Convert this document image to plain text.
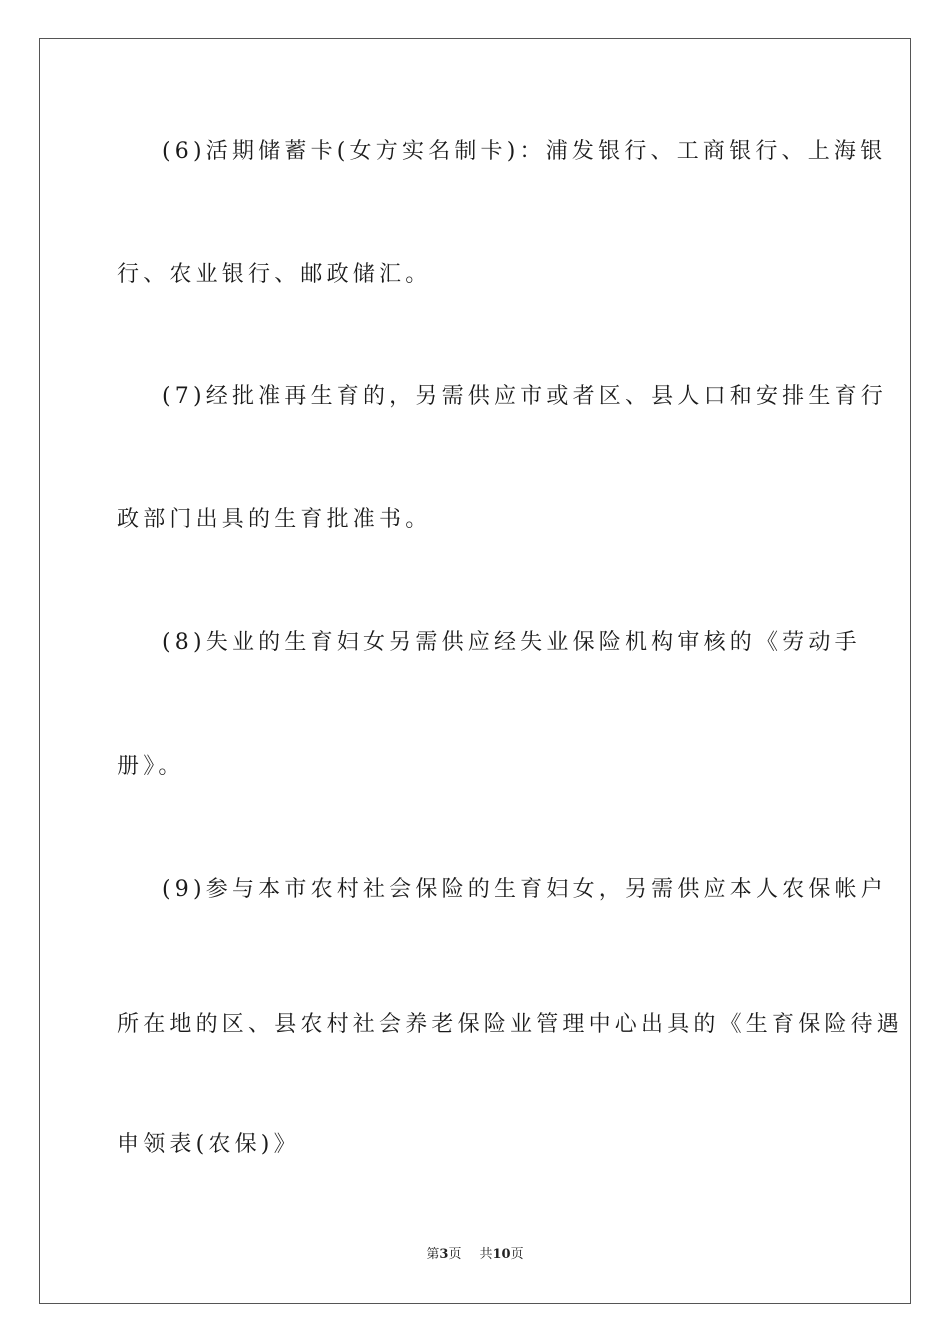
(6)活期储蓄卡(女方实名制卡)：浦发银行、工商银行、上海银
行、农业银行、邮政储汇。
(7)经批准再生育的，另需供应市或者区、县人口和安排生育行
政部门出具的生育批准书。
(8)失业的生育妇女另需供应经失业保险机构审核的《劳动手
册》。
(9)参与本市农村社会保险的生育妇女，另需供应本人农保帐户
所在地的区、县农村社会养老保险业管理中心出具的《生育保险待遇
申领表(农保)》
第3页 共10页
